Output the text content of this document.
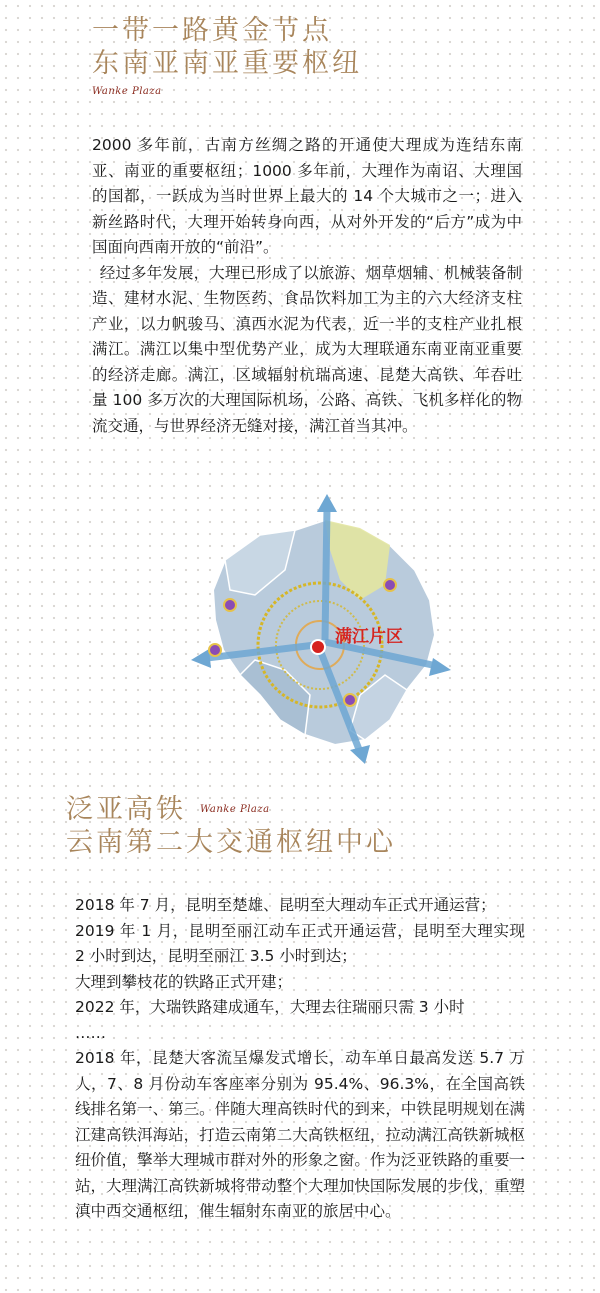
一带一路黄金节点
东南亚南亚重要枢纽
Wanke Plaza

2000 多年前，古南方丝绸之路的开通使大理成为连结东南亚、南亚的重要枢纽；1000 多年前，大理作为南诏、大理国的国都，一跃成为当时世界上最大的 14 个大城市之一；进入新丝路时代，大理开始转身向西，从对外开发的“后方”成为中国面向西南开放的“前沿”。

经过多年发展，大理已形成了以旅游、烟草烟辅、机械装备制造、建材水泥、生物医药、食品饮料加工为主的六大经济支柱产业，以力帆骏马、滇西水泥为代表，近一半的支柱产业扎根满江。满江以集中型优势产业，成为大理联通东南亚南亚重要的经济走廊。满江，区域辐射杭瑞高速、昆楚大高铁、年吞吐量 100 多万次的大理国际机场，公路、高铁、飞机多样化的物流交通，与世界经济无缝对接，满江首当其冲。

满江片区
泛亚高铁 Wanke Plaza
云南第二大交通枢纽中心

2018 年 7 月，昆明至楚雄、昆明至大理动车正式开通运营；

2019 年 1 月，昆明至丽江动车正式开通运营，昆明至大理实现 2 小时到达，昆明至丽江 3.5 小时到达；

大理到攀枝花的铁路正式开建；

2022 年，大瑞铁路建成通车，大理去往瑞丽只需 3 小时

……

2018 年，昆楚大客流呈爆发式增长，动车单日最高发送 5.7 万人，7、8 月份动车客座率分别为 95.4%、96.3%，在全国高铁线排名第一、第三。伴随大理高铁时代的到来，中铁昆明规划在满江建高铁洱海站，打造云南第二大高铁枢纽，拉动满江高铁新城枢纽价值，擎举大理城市群对外的形象之窗。作为泛亚铁路的重要一站，大理满江高铁新城将带动整个大理加快国际发展的步伐，重塑滇中西交通枢纽，催生辐射东南亚的旅居中心。
